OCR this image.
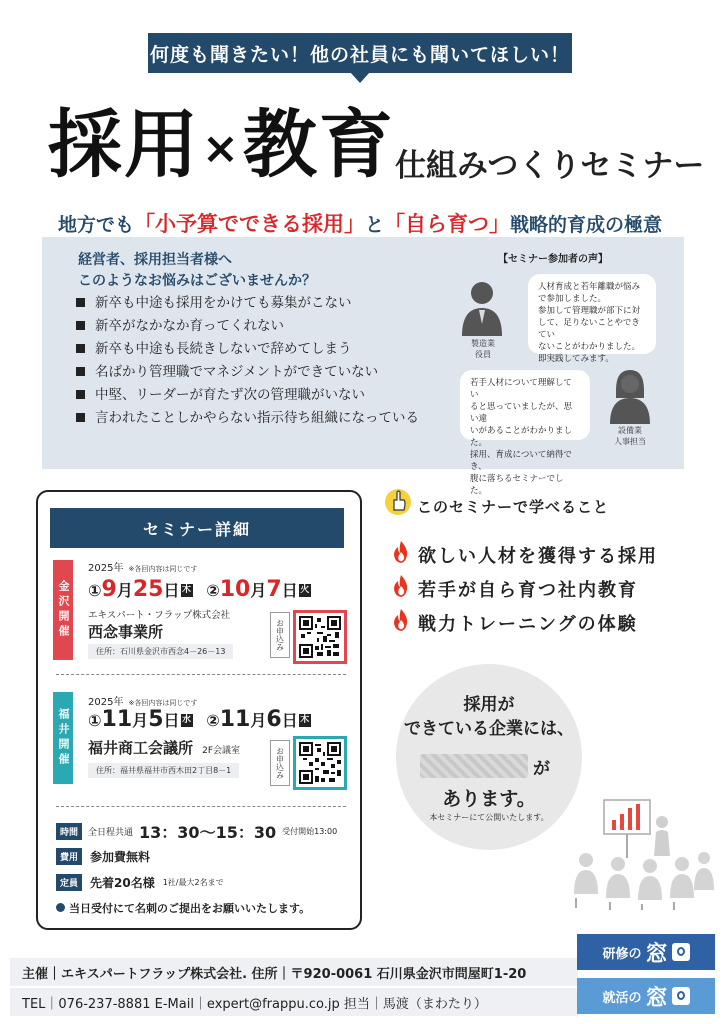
何度も聞きたい！他の社員にも聞いてほしい！
採用×教育 仕組みつくりセミナー
地方でも「小予算でできる採用」と「自ら育つ」戦略的育成の極意
経営者、採用担当者様へ
このようなお悩みはございませんか？
新卒も中途も採用をかけても募集がこない
新卒がなかなか育ってくれない
新卒も中途も長続きしないで辞めてしまう
名ばかり管理職でマネジメントができていない
中堅、リーダーが育たず次の管理職がいない
言われたことしかやらない指示待ち組織になっている
【セミナー参加者の声】
製造業
役員
人材育成と若年離職が悩み
で参加しました。
参加して管理職が部下に対
して、足りないことやできてい
ないことがわかりました。
即実践してみます。
若手人材について理解してい
ると思っていましたが、思い違
いがあることがわかりました。
採用、育成について納得でき、
腹に落ちるセミナーでした。
設備業
人事担当
セミナー詳細
金沢開催
2025年 ※各回内容は同じです
①9月25日 木 ②10月7日 火
エキスパート・フラップ株式会社
西念事業所
住所：石川県金沢市西念4－26－13
お申込み
福井開催
2025年 ※各回内容は同じです
①11月5日 水 ②11月6日 木
福井商工会議所 2F会議室
住所：福井県福井市西木田2丁目8－1	お申込み
時間	全日程共通 13：30～15：30 受付開始13:00
費用	参加費無料
定員	先着20名様 1社/最大2名まで
当日受付にて名刺のご提出をお願いいたします。
このセミナーで学べること
欲しい人材を獲得する採用
若手が自ら育つ社内教育
戦力トレーニングの体験
採用が
できている企業には、
が
あります。
本セミナーにて公開いたします。
主催｜エキスパートフラップ株式会社. 住所｜〒920-0061 石川県金沢市問屋町1-20
TEL｜076-237-8881 E-Mail｜expert@frappu.co.jp 担当｜馬渡（まわたり）
研修の 窓
就活の 窓
